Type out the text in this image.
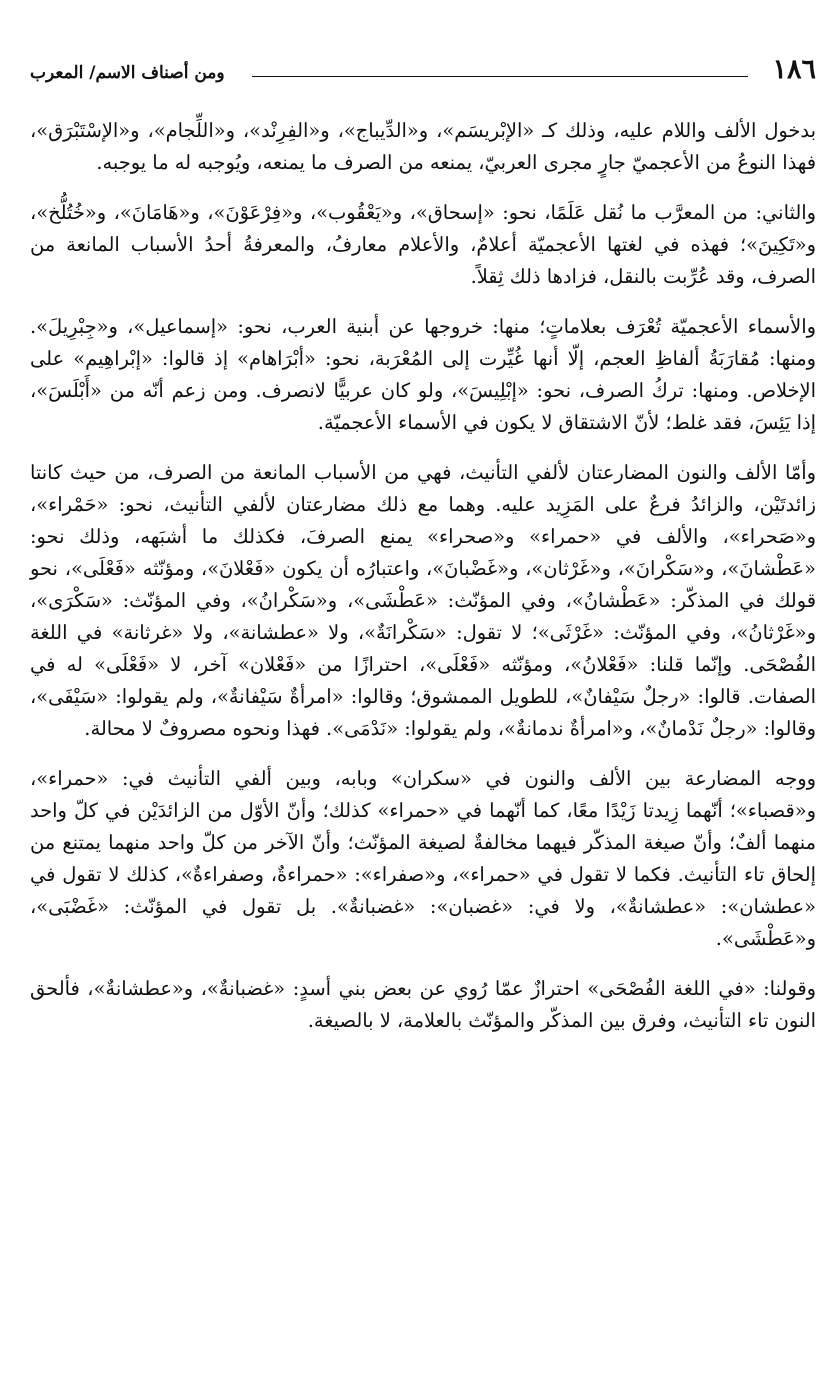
١٨٦
ومن أصناف الاسم/ المعرب

بدخول الألف واللام عليه، وذلك كـ «الإبْريسَم»، و«الدِّيباج»، و«الفِرِنْد»، و«اللِّجام»، و«الإسْتَبْرَق»، فهذا النوعُ من الأعجميّ جارٍ مجرى العربيّ، يمنعه من الصرف ما يمنعه، ويُوجبه له ما يوجبه.

والثاني: من المعرَّب ما نُقل عَلَمًا، نحو: «إسحاق»، و«يَعْقُوب»، و«فِرْعَوْنَ»، و«هَامَانَ»، و«خُتُلُّخ»، و«تَكِينَ»؛ فهذه في لغتها الأعجميّة أعلامٌ، والأعلام معارفُ، والمعرفةُ أحدُ الأسباب المانعة من الصرف، وقد عُرِّبت بالنقل، فزادها ذلك ثِقلاً.

والأسماء الأعجميّة تُعْرَف بعلاماتٍ؛ منها: خروجها عن أبنية العرب، نحو: «إسماعيل»، و«جِبْرِيلَ». ومنها: مُقارَبَةُ ألفاظِ العجم، إلّا أنها غُيِّرت إلى المُعْرَبة، نحو: «أبْرَاهام» إذ قالوا: «إبْراهِيم» على الإخلاص. ومنها: تركُ الصرف، نحو: «إبْلِيسَ»، ولو كان عربيًّا لانصرف. ومن زعم أنّه من «أَبْلَسَ»، إذا يَئِسَ، فقد غلط؛ لأنّ الاشتقاق لا يكون في الأسماء الأعجميّة.

وأمّا الألف والنون المضارعتان لألفي التأنيث، فهي من الأسباب المانعة من الصرف، من حيث كانتا زائدتَيْن، والزائدُ فرعٌ على المَزِيد عليه. وهما مع ذلك مضارعتان لألفي التأنيث، نحو: «حَمْراء»، و«صَحراء»، والألف في «حمراء» و«صحراء» يمنع الصرفَ، فكذلك ما أشبَهه، وذلك نحو: «عَطْشانَ»، و«سَكْرانَ»، و«غَرْثان»، و«غَضْبانَ»، واعتبارُه أن يكون «فَعْلانَ»، ومؤنّثه «فَعْلَى»، نحو قولك في المذكّر: «عَطْشانُ»، وفي المؤنّث: «عَطْشَى»، و«سَكْرانُ»، وفي المؤنّث: «سَكْرَى»، و«غَرْثانُ»، وفي المؤنّث: «غَرْثَى»؛ لا تقول: «سَكْرانَةٌ»، ولا «عطشانة»، ولا «غرثانة» في اللغة الفُصْحَى. وإنّما قلنا: «فَعْلانُ»، ومؤنّثه «فَعْلَى»، احترازًا من «فَعْلان» آخر، لا «فَعْلَى» له في الصفات. قالوا: «رجلٌ سَيْفانٌ»، للطويل الممشوق؛ وقالوا: «امرأةٌ سَيْفانةٌ»، ولم يقولوا: «سَيْفَى»، وقالوا: «رجلٌ نَدْمانٌ»، و«امرأةٌ ندمانةٌ»، ولم يقولوا: «نَدْمَى». فهذا ونحوه مصروفٌ لا محالة.

ووجه المضارعة بين الألف والنون في «سكران» وبابه، وبين ألفي التأنيث في: «حمراء»، و«قصباء»؛ أنّهما زِيدتا زَيْدًا معًا، كما أنّهما في «حمراء» كذلك؛ وأنّ الأوّل من الزائدَيْن في كلّ واحد منهما ألفٌ؛ وأنّ صيغة المذكّر فيهما مخالفةٌ لصيغة المؤنّث؛ وأنّ الآخر من كلّ واحد منهما يمتنع من إلحاق تاء التأنيث. فكما لا تقول في «حمراء»، و«صفراء»: «حمراءةٌ، وصفراءةٌ»، كذلك لا تقول في «عطشان»: «عطشانةٌ»، ولا في: «غضبان»: «غضبانةٌ». بل تقول في المؤنّث: «غَضْبَى»، و«عَطْشَى».

وقولنا: «في اللغة الفُصْحَى» احترازٌ عمّا رُوي عن بعض بني أسدٍ: «غضبانةٌ»، و«عطشانةٌ»، فألحق النون تاء التأنيث، وفرق بين المذكّر والمؤنّث بالعلامة، لا بالصيغة.
